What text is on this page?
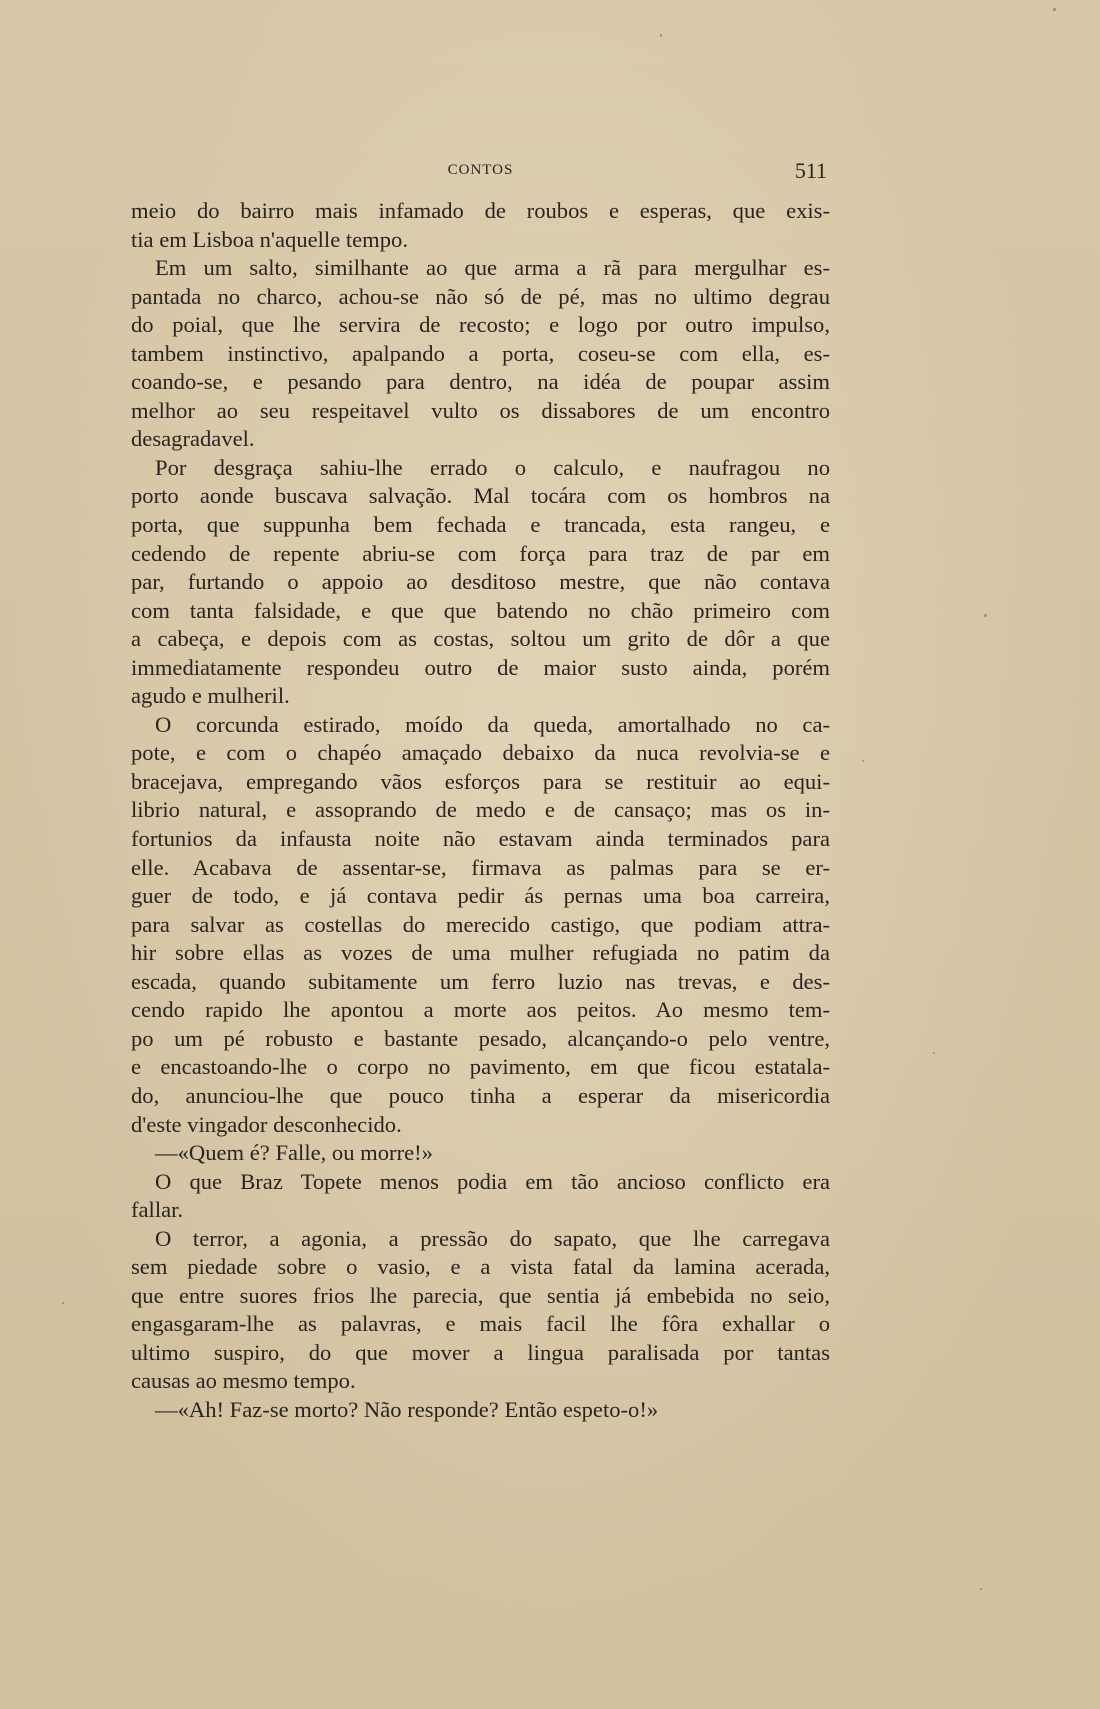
CONTOS	511
meio do bairro mais infamado de roubos e esperas, que exis-
tia em Lisboa n'aquelle tempo.
Em um salto, similhante ao que arma a rã para mergulhar es-
pantada no charco, achou-se não só de pé, mas no ultimo degrau
do poial, que lhe servira de recosto; e logo por outro impulso,
tambem instinctivo, apalpando a porta, coseu-se com ella, es-
coando-se, e pesando para dentro, na idéa de poupar assim
melhor ao seu respeitavel vulto os dissabores de um encontro
desagradavel.
Por desgraça sahiu-lhe errado o calculo, e naufragou no
porto aonde buscava salvação. Mal tocára com os hombros na
porta, que suppunha bem fechada e trancada, esta rangeu, e
cedendo de repente abriu-se com força para traz de par em
par, furtando o appoio ao desditoso mestre, que não contava
com tanta falsidade, e que que batendo no chão primeiro com
a cabeça, e depois com as costas, soltou um grito de dôr a que
immediatamente respondeu outro de maior susto ainda, porém
agudo e mulheril.
O corcunda estirado, moído da queda, amortalhado no ca-
pote, e com o chapéo amaçado debaixo da nuca revolvia-se e
bracejava, empregando vãos esforços para se restituir ao equi-
librio natural, e assoprando de medo e de cansaço; mas os in-
fortunios da infausta noite não estavam ainda terminados para
elle. Acabava de assentar-se, firmava as palmas para se er-
guer de todo, e já contava pedir ás pernas uma boa carreira,
para salvar as costellas do merecido castigo, que podiam attra-
hir sobre ellas as vozes de uma mulher refugiada no patim da
escada, quando subitamente um ferro luzio nas trevas, e des-
cendo rapido lhe apontou a morte aos peitos. Ao mesmo tem-
po um pé robusto e bastante pesado, alcançando-o pelo ventre,
e encastoando-lhe o corpo no pavimento, em que ficou estatala-
do, anunciou-lhe que pouco tinha a esperar da misericordia
d'este vingador desconhecido.
—«Quem é? Falle, ou morre!»
O que Braz Topete menos podia em tão ancioso conflicto era
fallar.
O terror, a agonia, a pressão do sapato, que lhe carregava
sem piedade sobre o vasio, e a vista fatal da lamina acerada,
que entre suores frios lhe parecia, que sentia já embebida no seio,
engasgaram-lhe as palavras, e mais facil lhe fôra exhallar o
ultimo suspiro, do que mover a lingua paralisada por tantas
causas ao mesmo tempo.
—«Ah! Faz-se morto? Não responde? Então espeto-o!»
